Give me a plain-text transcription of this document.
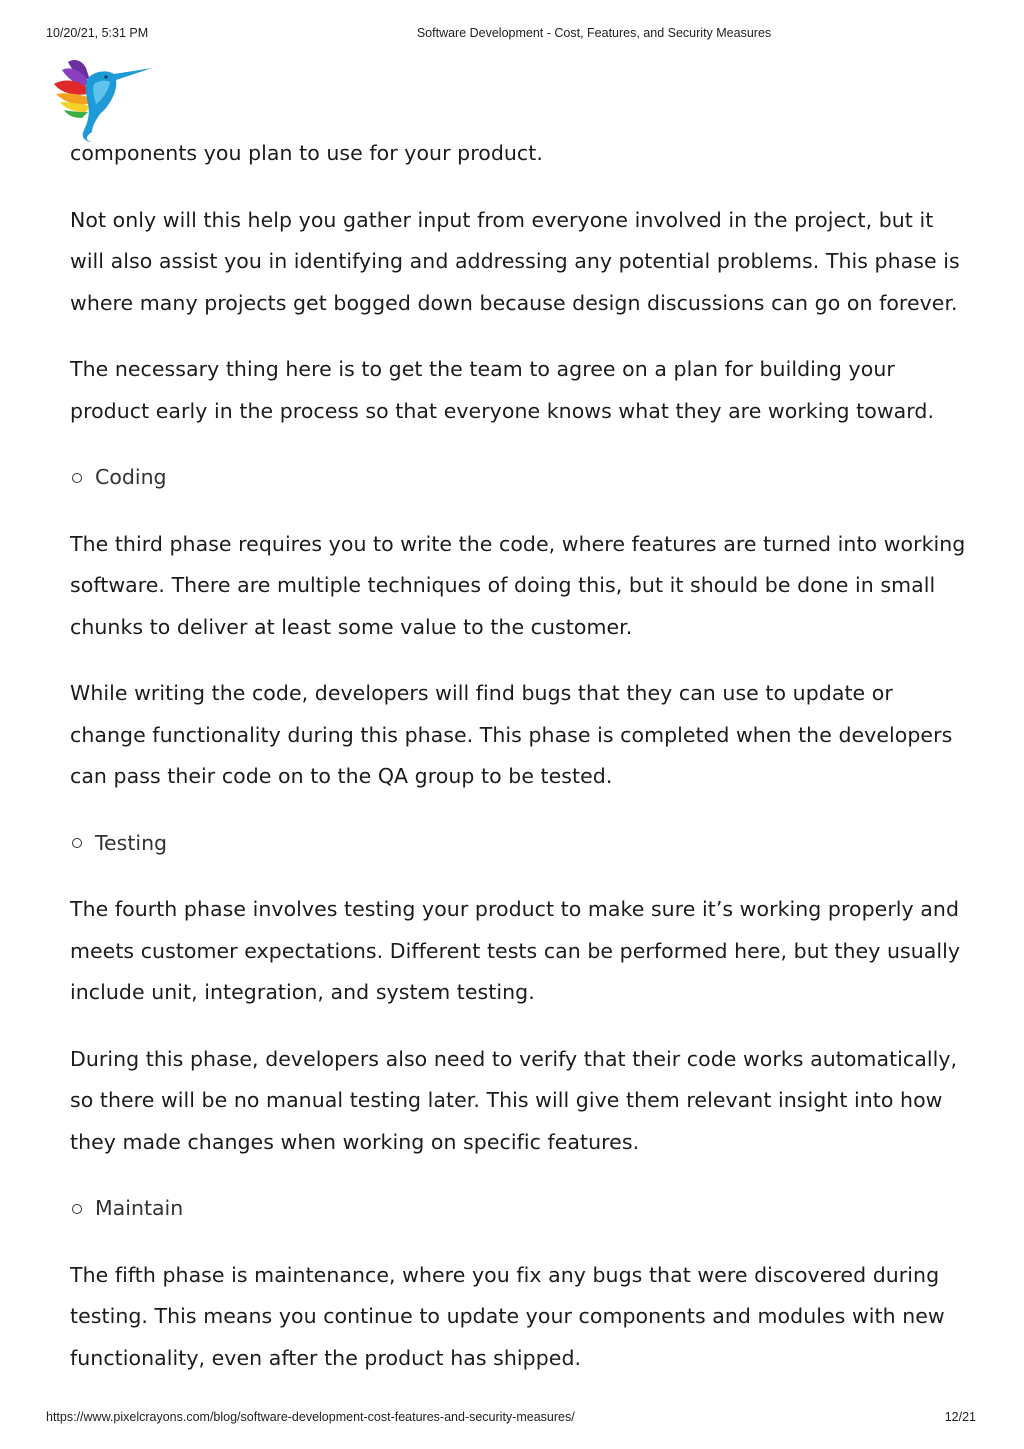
10/20/21, 5:31 PM	Software Development - Cost, Features, and Security Measures

components you plan to use for your product.

Not only will this help you gather input from everyone involved in the project, but it will also assist you in identifying and addressing any potential problems. This phase is where many projects get bogged down because design discussions can go on forever.

The necessary thing here is to get the team to agree on a plan for building your product early in the process so that everyone knows what they are working toward.

Coding

The third phase requires you to write the code, where features are turned into working software. There are multiple techniques of doing this, but it should be done in small chunks to deliver at least some value to the customer.

While writing the code, developers will find bugs that they can use to update or change functionality during this phase. This phase is completed when the developers can pass their code on to the QA group to be tested.

Testing

The fourth phase involves testing your product to make sure it’s working properly and meets customer expectations. Different tests can be performed here, but they usually include unit, integration, and system testing.

During this phase, developers also need to verify that their code works automatically, so there will be no manual testing later. This will give them relevant insight into how they made changes when working on specific features.

Maintain

The fifth phase is maintenance, where you fix any bugs that were discovered during testing. This means you continue to update your components and modules with new functionality, even after the product has shipped.

https://www.pixelcrayons.com/blog/software-development-cost-features-and-security-measures/	12/21
